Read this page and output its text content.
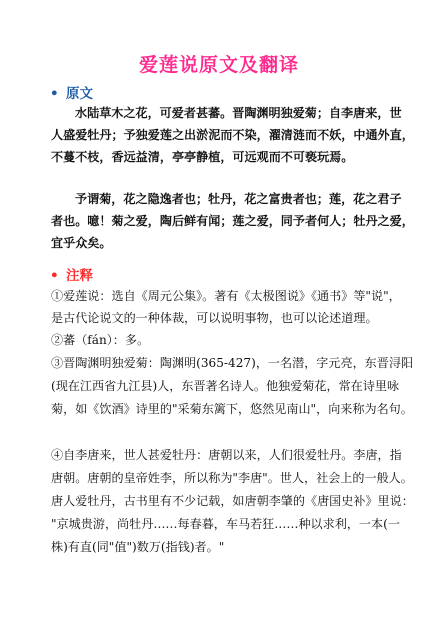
爱莲说原文及翻译
• 原文
水陆草木之花，可爱者甚蕃。晋陶渊明独爱菊；自李唐来，世
人盛爱牡丹；予独爱莲之出淤泥而不染，濯清涟而不妖，中通外直，
不蔓不枝，香远益清，亭亭静植，可远观而不可亵玩焉。
予谓菊，花之隐逸者也；牡丹，花之富贵者也；莲，花之君子
者也。噫！菊之爱，陶后鲜有闻；莲之爱，同予者何人；牡丹之爱，
宜乎众矣。
• 注释
①爱莲说：选自《周元公集》。著有《太极图说》《通书》等"说"，
是古代论说文的一种体裁，可以说明事物，也可以论述道理。
②蕃（fán）：多。
③晋陶渊明独爱菊：陶渊明(365-427)，一名潜，字元亮，东晋浔阳
(现在江西省九江县)人，东晋著名诗人。他独爱菊花，常在诗里咏
菊，如《饮酒》诗里的"采菊东篱下，悠然见南山"，向来称为名句。
④自李唐来，世人甚爱牡丹：唐朝以来，人们很爱牡丹。李唐，指
唐朝。唐朝的皇帝姓李，所以称为"李唐"。世人，社会上的一般人。
唐人爱牡丹，古书里有不少记载，如唐朝李肇的《唐国史补》里说：
"京城贵游，尚牡丹……每春暮，车马若狂……种以求利，一本(一
株)有直(同"值")数万(指钱)者。"
